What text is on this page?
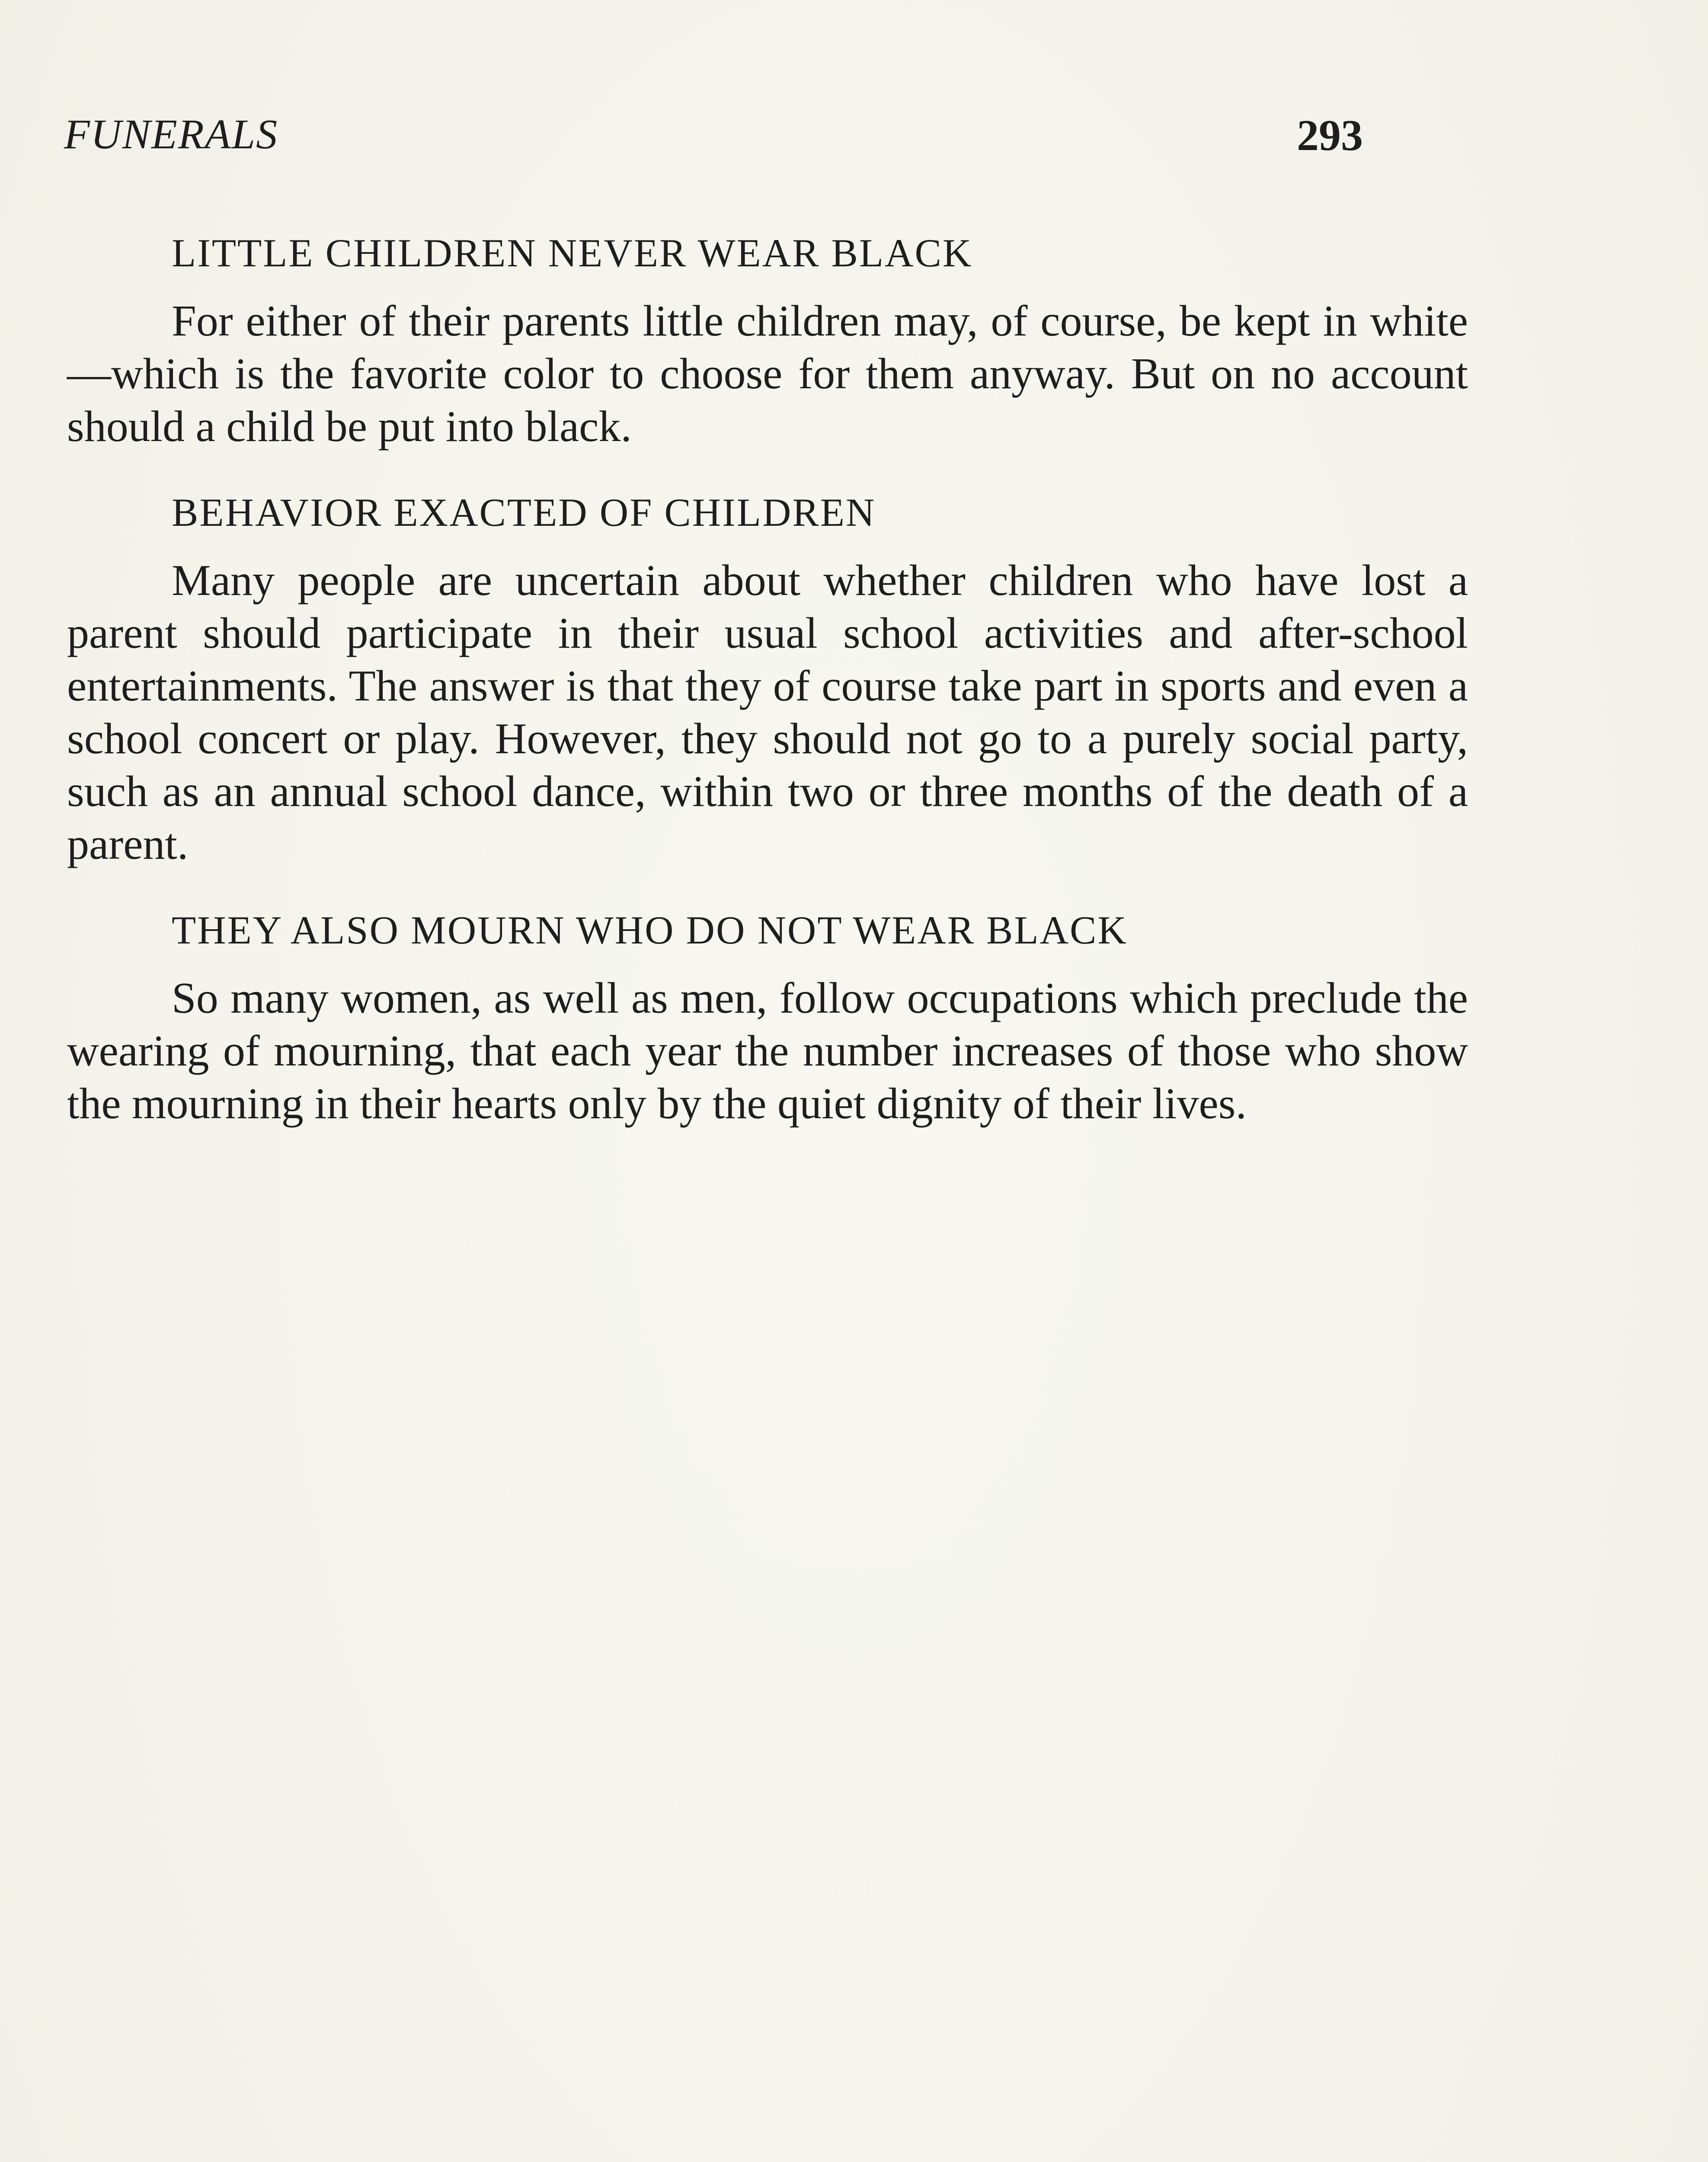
FUNERALS	293
LITTLE CHILDREN NEVER WEAR BLACK

For either of their parents little children may, of course, be kept in white—which is the favorite color to choose for them anyway. But on no account should a child be put into black.

BEHAVIOR EXACTED OF CHILDREN

Many people are uncertain about whether children who have lost a parent should participate in their usual school activities and after-school entertainments. The answer is that they of course take part in sports and even a school concert or play. However, they should not go to a purely social party, such as an annual school dance, within two or three months of the death of a parent.

THEY ALSO MOURN WHO DO NOT WEAR BLACK

So many women, as well as men, follow occupations which preclude the wearing of mourning, that each year the number increases of those who show the mourning in their hearts only by the quiet dignity of their lives.
